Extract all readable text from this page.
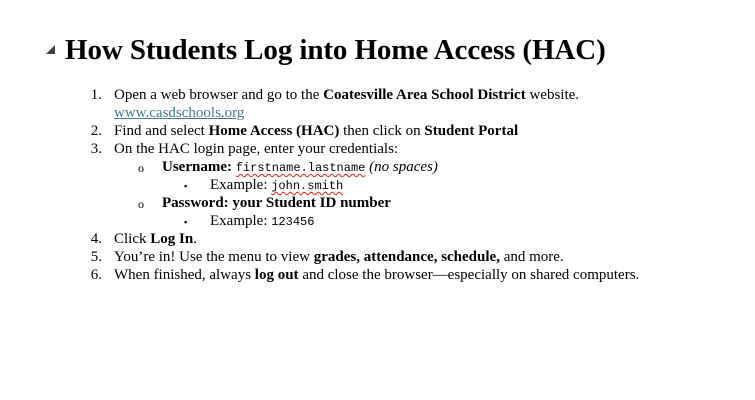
How Students Log into Home Access (HAC)
1. Open a web browser and go to the Coatesville Area School District website.
www.casdschools.org
2. Find and select Home Access (HAC) then click on Student Portal
3. On the HAC login page, enter your credentials:
o Username: firstname.lastname (no spaces)
▪ Example: john.smith
o Password: your Student ID number
▪ Example: 123456
4. Click Log In.
5. You’re in! Use the menu to view grades, attendance, schedule, and more.
6. When finished, always log out and close the browser—especially on shared computers.
